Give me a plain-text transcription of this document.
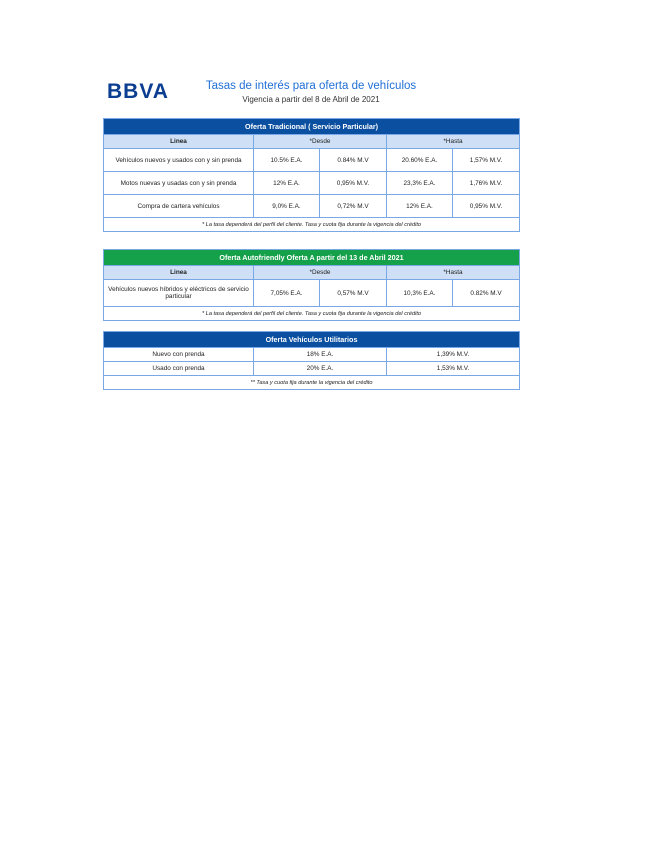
BBVA	Tasas de interés para oferta de vehículos
Vigencia a partir del 8 de Abril de 2021
Oferta Tradicional ( Servicio Particular)				
Linea	*Desde		*Hasta	
Vehículos nuevos y usados con y sin prenda	10.5% E.A.	0.84% M.V	20.60% E.A.	1,57% M.V.
Motos nuevas y usadas con y sin prenda	12% E.A.	0,95% M.V.	23,3% E.A.	1,76% M.V.
Compra de cartera vehículos	9,0% E.A.	0,72% M.V	12% E.A.	0,95% M.V.
* La tasa dependerá del perfil del cliente. Tasa y cuota fija durante la vigencia del crédito				
Oferta Autofriendly Oferta A partir del 13 de Abril 2021				
Linea	*Desde		*Hasta	
Vehículos nuevos híbridos y eléctricos de servicio particular	7,05% E.A.	0,57% M.V	10,3% E.A.	0.82% M.V
* La tasa dependerá del perfil del cliente. Tasa y cuota fija durante la vigencia del crédito				
Oferta Vehículos Utilitarios		
Nuevo con prenda	18% E.A.	1,39% M.V.
Usado con prenda	20% E.A.	1,53% M.V.
** Tasa y cuota fija durante la vigencia del crédito		
